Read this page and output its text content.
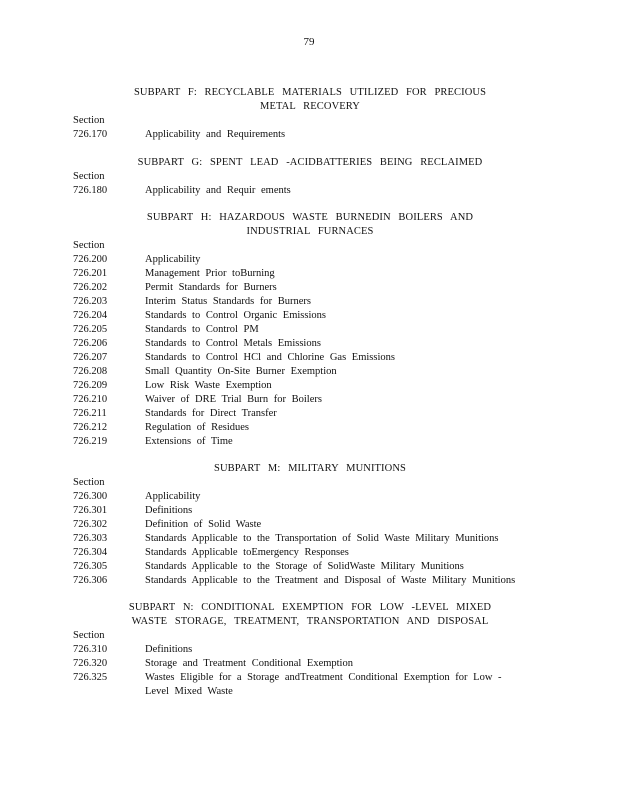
79
SUBPART F: RECYCLABLE MATERIALS UTILIZED FOR PRECIOUS
METAL RECOVERY
Section
726.170	Applicability and Requirements
SUBPART G: SPENT LEAD -ACIDBATTERIES BEING RECLAIMED
Section
726.180	Applicability and Requir ements
SUBPART H: HAZARDOUS WASTE BURNEDIN BOILERS AND
INDUSTRIAL FURNACES
Section
726.200	Applicability
726.201	Management Prior toBurning
726.202	Permit Standards for Burners
726.203	Interim Status Standards for Burners
726.204	Standards to Control Organic Emissions
726.205	Standards to Control PM
726.206	Standards to Control Metals Emissions
726.207	Standards to Control HCl and Chlorine Gas Emissions
726.208	Small Quantity On-Site Burner Exemption
726.209	Low Risk Waste Exemption
726.210	Waiver of DRE Trial Burn for Boilers
726.211	Standards for Direct Transfer
726.212	Regulation of Residues
726.219	Extensions of Time
SUBPART M: MILITARY MUNITIONS
Section
726.300	Applicability
726.301	Definitions
726.302	Definition of Solid Waste
726.303	Standards Applicable to the Transportation of Solid Waste Military Munitions
726.304	Standards Applicable toEmergency Responses
726.305	Standards Applicable to the Storage of SolidWaste Military Munitions
726.306	Standards Applicable to the Treatment and Disposal of Waste Military Munitions
SUBPART N: CONDITIONAL EXEMPTION FOR LOW -LEVEL MIXED
WASTE STORAGE, TREATMENT, TRANSPORTATION AND DISPOSAL
Section
726.310	Definitions
726.320	Storage and Treatment Conditional Exemption
726.325	Wastes Eligible for a Storage andTreatment Conditional Exemption for Low - Level Mixed Waste
